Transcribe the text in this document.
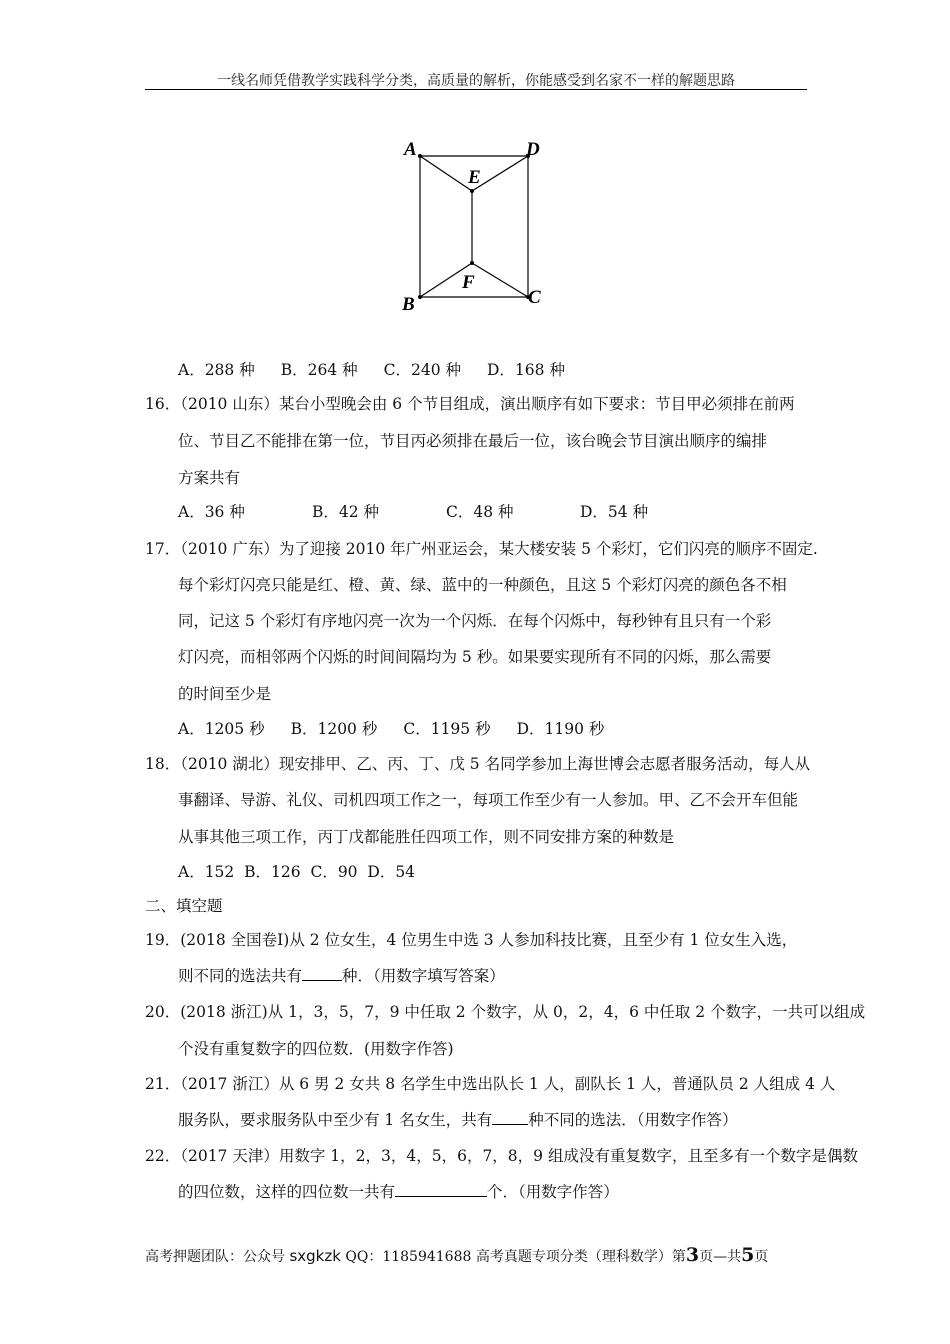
一线名师凭借教学实践科学分类，高质量的解析，你能感受到名家不一样的解题思路
A	D
E
F
B	C
A．288 种 B．264 种 C．240 种 D．168 种
16．（2010 山东）某台小型晚会由 6 个节目组成，演出顺序有如下要求：节目甲必须排在前两
位、节目乙不能排在第一位，节目丙必须排在最后一位，该台晚会节目演出顺序的编排
方案共有
A．36 种	B．42 种	C．48 种	D．54 种
17．（2010 广东）为了迎接 2010 年广州亚运会，某大楼安装 5 个彩灯，它们闪亮的顺序不固定.
每个彩灯闪亮只能是红、橙、黄、绿、蓝中的一种颜色，且这 5 个彩灯闪亮的颜色各不相
同，记这 5 个彩灯有序地闪亮一次为一个闪烁．在每个闪烁中，每秒钟有且只有一个彩
灯闪亮，而相邻两个闪烁的时间间隔均为 5 秒。如果要实现所有不同的闪烁，那么需要
的时间至少是
A．1205 秒 B．1200 秒 C．1195 秒 D．1190 秒
18．（2010 湖北）现安排甲、乙、丙、丁、戊 5 名同学参加上海世博会志愿者服务活动，每人从
事翻译、导游、礼仪、司机四项工作之一，每项工作至少有一人参加。甲、乙不会开车但能
从事其他三项工作，丙丁戊都能胜任四项工作，则不同安排方案的种数是
A．152  B．126  C．90  D．54
二、填空题
19．(2018 全国卷Ⅰ)从 2 位女生，4 位男生中选 3 人参加科技比赛，且至少有 1 位女生入选，
则不同的选法共有	种．（用数字填写答案）
20．(2018 浙江)从 1，3，5，7，9 中任取 2 个数字，从 0，2，4，6 中任取 2 个数字，一共可以组成
个没有重复数字的四位数．(用数字作答)
21．（2017 浙江）从 6 男 2 女共 8 名学生中选出队长 1 人，副队长 1 人，普通队员 2 人组成 4 人
服务队，要求服务队中至少有 1 名女生，共有 种不同的选法．（用数字作答）
22．（2017 天津）用数字 1，2，3，4，5，6，7，8，9 组成没有重复数字，且至多有一个数字是偶数
的四位数，这样的四位数一共有	个．（用数字作答）
高考押题团队：公众号 sxgkzk QQ：1185941688 高考真题专项分类（理科数学）第3页—共5页
